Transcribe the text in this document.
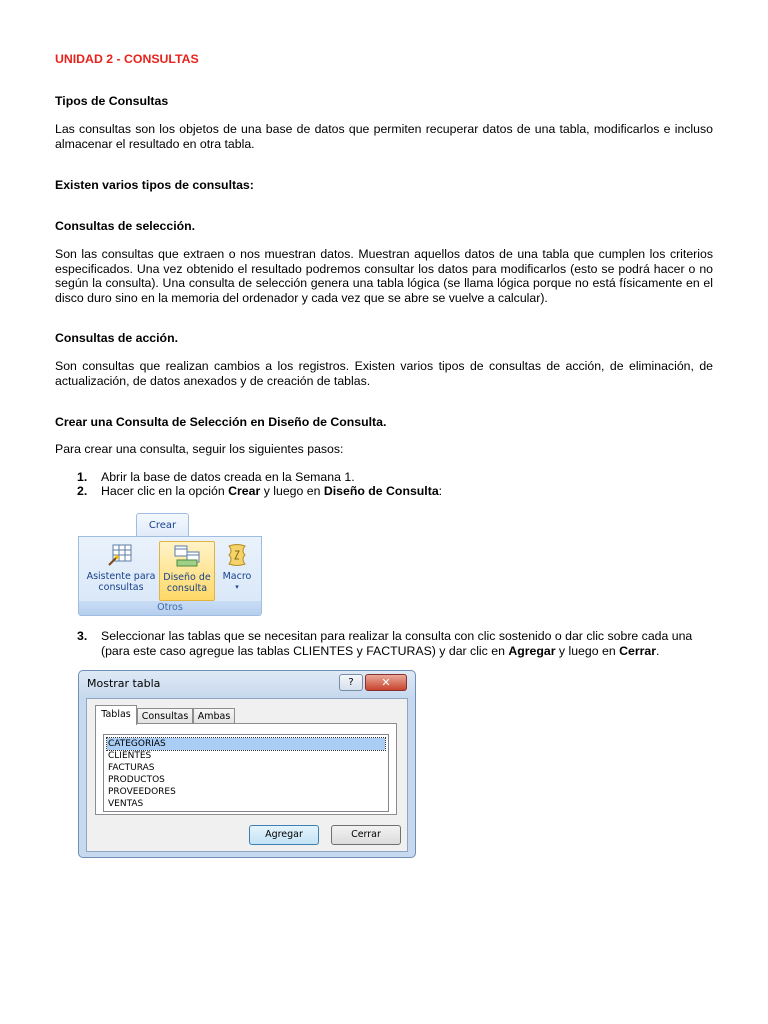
UNIDAD 2 - CONSULTAS

Tipos de Consultas

Las consultas son los objetos de una base de datos que permiten recuperar datos de una tabla, modificarlos e incluso almacenar el resultado en otra tabla.

Existen varios tipos de consultas:

Consultas de selección.

Son las consultas que extraen o nos muestran datos. Muestran aquellos datos de una tabla que cumplen los criterios especificados. Una vez obtenido el resultado podremos consultar los datos para modificarlos (esto se podrá hacer o no según la consulta). Una consulta de selección genera una tabla lógica (se llama lógica porque no está físicamente en el disco duro sino en la memoria del ordenador y cada vez que se abre se vuelve a calcular).

Consultas de acción.

Son consultas que realizan cambios a los registros. Existen varios tipos de consultas de acción, de eliminación, de actualización, de datos anexados y de creación de tablas.

Crear una Consulta de Selección en Diseño de Consulta.

Para crear una consulta, seguir los siguientes pasos:

1.	Abrir la base de datos creada en la Semana 1.
2.	Hacer clic en la opción Crear y luego en Diseño de Consulta:
3.	Seleccionar las tablas que se necesitan para realizar la consulta con clic sostenido o dar clic sobre cada una (para este caso agregue las tablas CLIENTES y FACTURAS) y dar clic en Agregar y luego en Cerrar.
Crear
Asistente para
consultas
Diseño de
consulta
Macro
▾
Otros
Mostrar tabla	?	✕
Tablas	Consultas Ambas
CATEGORIAS
CLIENTES
FACTURAS
PRODUCTOS
PROVEEDORES
VENTAS
Agregar	Cerrar
